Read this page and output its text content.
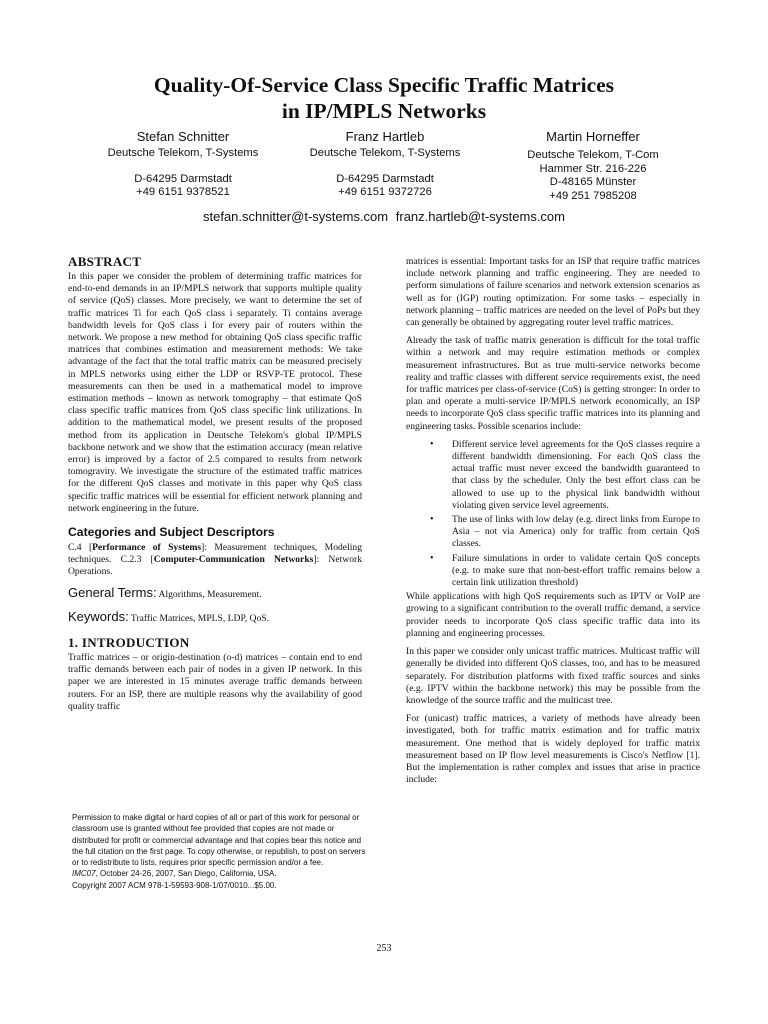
Quality-Of-Service Class Specific Traffic Matrices
in IP/MPLS Networks
Stefan Schnitter
Deutsche Telekom, T-Systems
D-64295 Darmstadt
+49 6151 9378521
Franz Hartleb
Deutsche Telekom, T-Systems
D-64295 Darmstadt
+49 6151 9372726
Martin Horneffer
Deutsche Telekom, T-Com
Hammer Str. 216-226
D-48165 Münster
+49 251 7985208
stefan.schnitter@t-systems.com franz.hartleb@t-systems.com
ABSTRACT

In this paper we consider the problem of determining traffic matrices for end-to-end demands in an IP/MPLS network that supports multiple quality of service (QoS) classes. More precisely, we want to determine the set of traffic matrices Ti for each QoS class i separately. Ti contains average bandwidth levels for QoS class i for every pair of routers within the network. We propose a new method for obtaining QoS class specific traffic matrices that combines estimation and measurement methods: We take advantage of the fact that the total traffic matrix can be measured precisely in MPLS networks using either the LDP or RSVP-TE protocol. These measurements can then be used in a mathematical model to improve estimation methods – known as network tomography – that estimate QoS class specific traffic matrices from QoS class specific link utilizations. In addition to the mathematical model, we present results of the proposed method from its application in Deutsche Telekom's global IP/MPLS backbone network and we show that the estimation accuracy (mean relative error) is improved by a factor of 2.5 compared to results from network tomogravity. We investigate the structure of the estimated traffic matrices for the different QoS classes and motivate in this paper why QoS class specific traffic matrices will be essential for efficient network planning and network engineering in the future.

Categories and Subject Descriptors

C.4 [Performance of Systems]: Measurement techniques, Modeling techniques. C.2.3 [Computer-Communication Networks]: Network Operations.

General Terms: Algorithms, Measurement.
Keywords: Traffic Matrices, MPLS, LDP, QoS.
1. INTRODUCTION

Traffic matrices – or origin-destination (o-d) matrices – contain end to end traffic demands between each pair of nodes in a given IP network. In this paper we are interested in 15 minutes average traffic demands between routers. For an ISP, there are multiple reasons why the availability of good quality traffic

Permission to make digital or hard copies of all or part of this work for personal or classroom use is granted without fee provided that copies are not made or distributed for profit or commercial advantage and that copies bear this notice and the full citation on the first page. To copy otherwise, or republish, to post on servers or to redistribute to lists, requires prior specific permission and/or a fee.

IMC07, October 24-26, 2007, San Diego, California, USA.

Copyright 2007 ACM 978-1-59593-908-1/07/0010...$5.00.

matrices is essential: Important tasks for an ISP that require traffic matrices include network planning and traffic engineering. They are needed to perform simulations of failure scenarios and network extension scenarios as well as for (IGP) routing optimization. For some tasks – especially in network planning – traffic matrices are needed on the level of PoPs but they can generally be obtained by aggregating router level traffic matrices.

Already the task of traffic matrix generation is difficult for the total traffic within a network and may require estimation methods or complex measurement infrastructures. But as true multi-service networks become reality and traffic classes with different service requirements exist, the need for traffic matrices per class-of-service (CoS) is getting stronger: In order to plan and operate a multi-service IP/MPLS network economically, an ISP needs to incorporate QoS class specific traffic matrices into its planning and engineering tasks. Possible scenarios include:

• Different service level agreements for the QoS classes require a different bandwidth dimensioning. For each QoS class the actual traffic must never exceed the bandwidth guaranteed to that class by the scheduler. Only the best effort class can be allowed to use up to the physical link bandwidth without violating given service level agreements.
• The use of links with low delay (e.g. direct links from Europe to Asia – not via America) only for traffic from certain QoS classes.
• Failure simulations in order to validate certain QoS concepts (e.g. to make sure that non-best-effort traffic remains below a certain link utilization threshold)

While applications with high QoS requirements such as IPTV or VoIP are growing to a significant contribution to the overall traffic demand, a service provider needs to incorporate QoS class specific traffic data into its planning and engineering processes.

In this paper we consider only unicast traffic matrices. Multicast traffic will generally be divided into different QoS classes, too, and has to be measured separately. For distribution platforms with fixed traffic sources and sinks (e.g. IPTV within the backbone network) this may be possible from the knowledge of the source traffic and the multicast tree.

For (unicast) traffic matrices, a variety of methods have already been investigated, both for traffic matrix estimation and for traffic matrix measurement. One method that is widely deployed for traffic matrix measurement based on IP flow level measurements is Cisco's Netflow [1]. But the implementation is rather complex and issues that arise in practice include:

253
